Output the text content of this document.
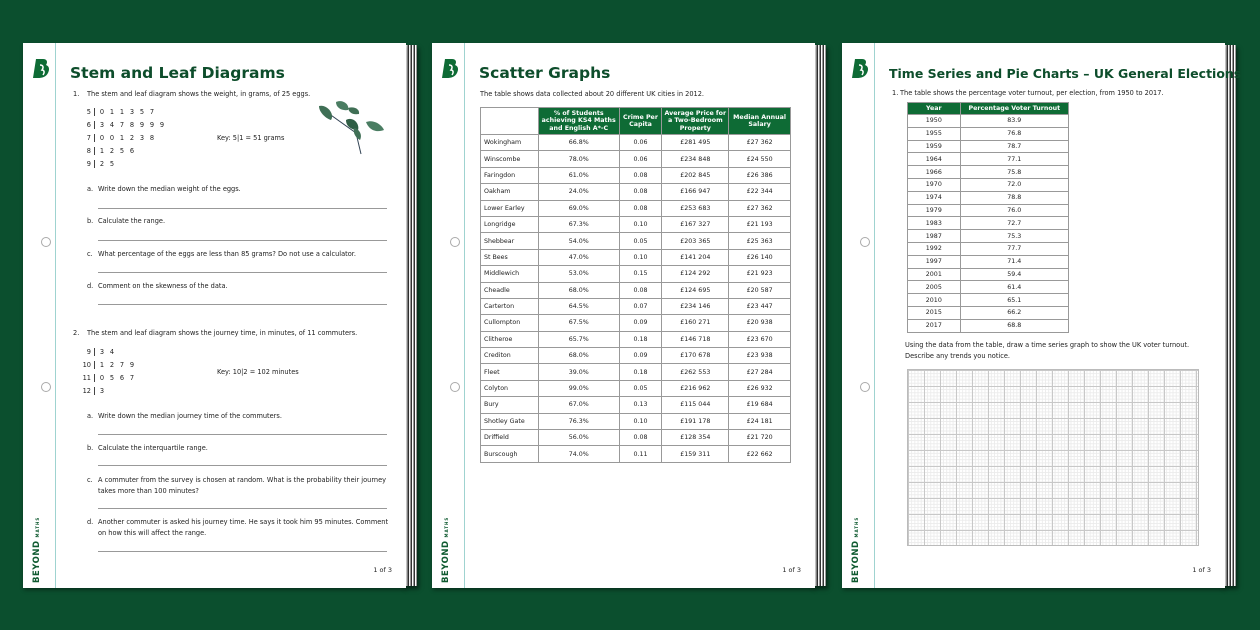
BEYONDMATHS
Stem and Leaf Diagrams
1. The stem and leaf diagram shows the weight, in grams, of 25 eggs.
5 0 1 1 3 5 7
6 3 4 7 8 9 9 9
7 0 0 1 2 3 8
8 1 2 5 6
9 2 5
Key: 5|1 = 51 grams
a. Write down the median weight of the eggs.
b. Calculate the range.
c. What percentage of the eggs are less than 85 grams? Do not use a calculator.
d. Comment on the skewness of the data.
2. The stem and leaf diagram shows the journey time, in minutes, of 11 commuters.
9 3 4
10 1 2 7 9
11 0 5 6 7
12 3
Key: 10|2 = 102 minutes
a. Write down the median journey time of the commuters.
b. Calculate the interquartile range.
c. A commuter from the survey is chosen at random. What is the probability their journey
takes more than 100 minutes?
d. Another commuter is asked his journey time. He says it took him 95 minutes. Comment
on how this will affect the range.
1 of 3	BEYONDMATHS
Scatter Graphs
The table shows data collected about 20 different UK cities in 2012.
	% of Students achieving KS4 Maths and English A*-C	Crime Per Capita	Average Price for a Two-Bedroom Property	Median Annual Salary
Wokingham	66.8%	0.06	£281 495	£27 362
Winscombe	78.0%	0.06	£234 848	£24 550
Faringdon	61.0%	0.08	£202 845	£26 386
Oakham	24.0%	0.08	£166 947	£22 344
Lower Earley	69.0%	0.08	£253 683	£27 362
Longridge	67.3%	0.10	£167 327	£21 193
Shebbear	54.0%	0.05	£203 365	£25 363
St Bees	47.0%	0.10	£141 204	£26 140
Middlewich	53.0%	0.15	£124 292	£21 923
Cheadle	68.0%	0.08	£124 695	£20 587
Carterton	64.5%	0.07	£234 146	£23 447
Cullompton	67.5%	0.09	£160 271	£20 938
Clitheroe	65.7%	0.18	£146 718	£23 670
Crediton	68.0%	0.09	£170 678	£23 938
Fleet	39.0%	0.18	£262 553	£27 284
Colyton	99.0%	0.05	£216 962	£26 932
Bury	67.0%	0.13	£115 044	£19 684
Shotley Gate	76.3%	0.10	£191 178	£24 181
Driffield	56.0%	0.08	£128 354	£21 720
Burscough	74.0%	0.11	£159 311	£22 662
1 of 3	BEYONDMATHS
Time Series and Pie Charts – UK General Elections
1. The table shows the percentage voter turnout, per election, from 1950 to 2017.
Year	Percentage Voter Turnout
1950	83.9
1955	76.8
1959	78.7
1964	77.1
1966	75.8
1970	72.0
1974	78.8
1979	76.0
1983	72.7
1987	75.3
1992	77.7
1997	71.4
2001	59.4
2005	61.4
2010	65.1
2015	66.2
2017	68.8
Using the data from the table, draw a time series graph to show the UK voter turnout.
Describe any trends you notice.
1 of 3
